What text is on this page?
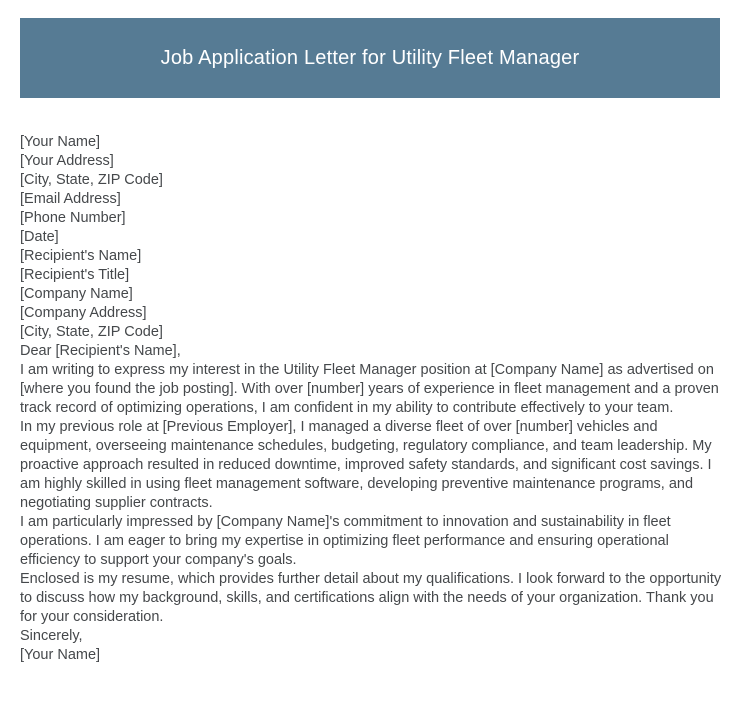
Job Application Letter for Utility Fleet Manager

[Your Name]

[Your Address]

[City, State, ZIP Code]

[Email Address]

[Phone Number]

[Date]

[Recipient's Name]

[Recipient's Title]

[Company Name]

[Company Address]

[City, State, ZIP Code]

Dear [Recipient's Name],

I am writing to express my interest in the Utility Fleet Manager position at [Company Name] as advertised on [where you found the job posting]. With over [number] years of experience in fleet management and a proven track record of optimizing operations, I am confident in my ability to contribute effectively to your team.

In my previous role at [Previous Employer], I managed a diverse fleet of over [number] vehicles and equipment, overseeing maintenance schedules, budgeting, regulatory compliance, and team leadership. My proactive approach resulted in reduced downtime, improved safety standards, and significant cost savings. I am highly skilled in using fleet management software, developing preventive maintenance programs, and negotiating supplier contracts.

I am particularly impressed by [Company Name]'s commitment to innovation and sustainability in fleet operations. I am eager to bring my expertise in optimizing fleet performance and ensuring operational efficiency to support your company's goals.

Enclosed is my resume, which provides further detail about my qualifications. I look forward to the opportunity to discuss how my background, skills, and certifications align with the needs of your organization. Thank you for your consideration.

Sincerely,

[Your Name]
